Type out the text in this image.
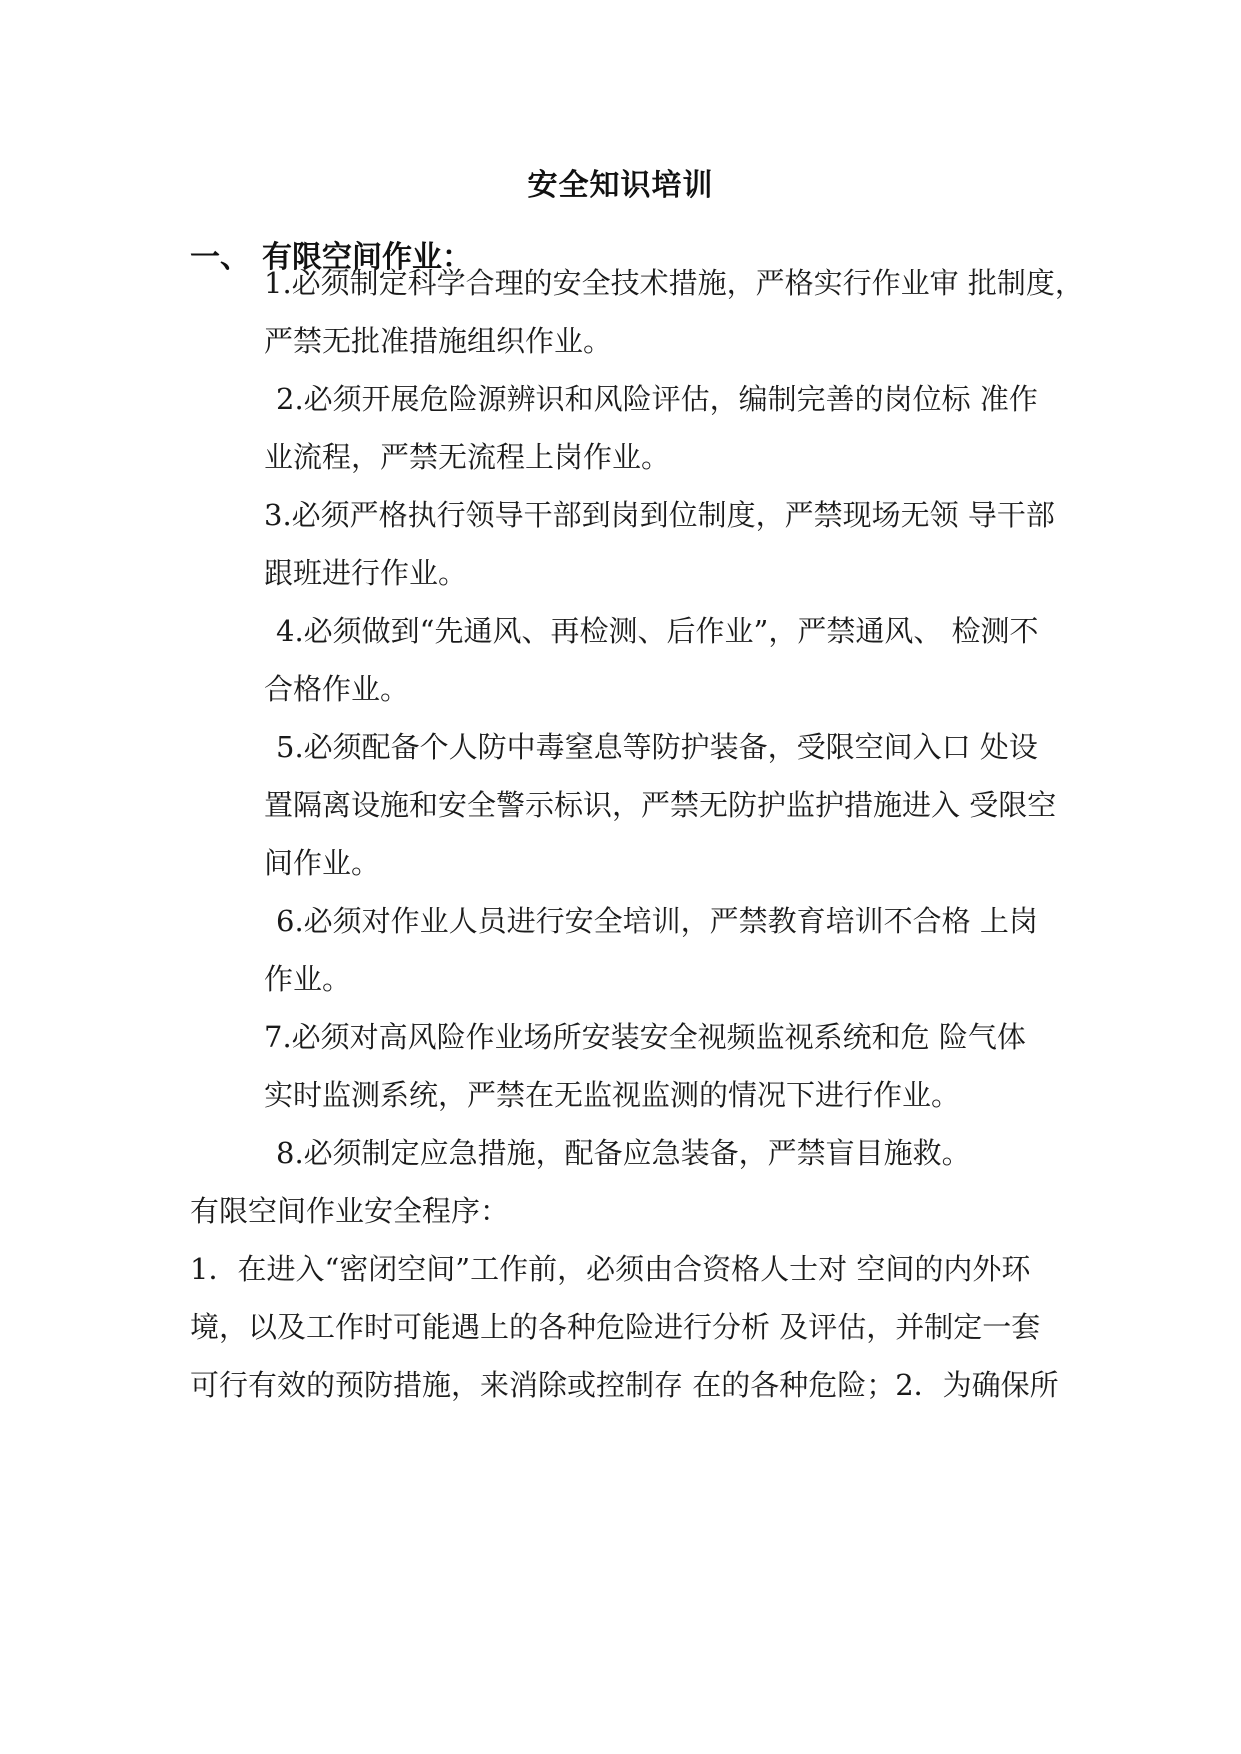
安全知识培训
一、 有限空间作业：
1.必须制定科学合理的安全技术措施，严格实行作业审 批制度，
严禁无批准措施组织作业。
2.必须开展危险源辨识和风险评估，编制完善的岗位标 准作
业流程，严禁无流程上岗作业。
3.必须严格执行领导干部到岗到位制度，严禁现场无领 导干部
跟班进行作业。
4.必须做到“先通风、再检测、后作业”，严禁通风、 检测不
合格作业。
5.必须配备个人防中毒窒息等防护装备，受限空间入口 处设
置隔离设施和安全警示标识，严禁无防护监护措施进入 受限空
间作业。
6.必须对作业人员进行安全培训，严禁教育培训不合格 上岗
作业。
7.必须对高风险作业场所安装安全视频监视系统和危 险气体
实时监测系统，严禁在无监视监测的情况下进行作业。
8.必须制定应急措施，配备应急装备，严禁盲目施救。
有限空间作业安全程序：
1．在进入“密闭空间”工作前，必须由合资格人士对 空间的内外环
境，以及工作时可能遇上的各种危险进行分析 及评估，并制定一套
可行有效的预防措施，来消除或控制存 在的各种危险；2．为确保所
